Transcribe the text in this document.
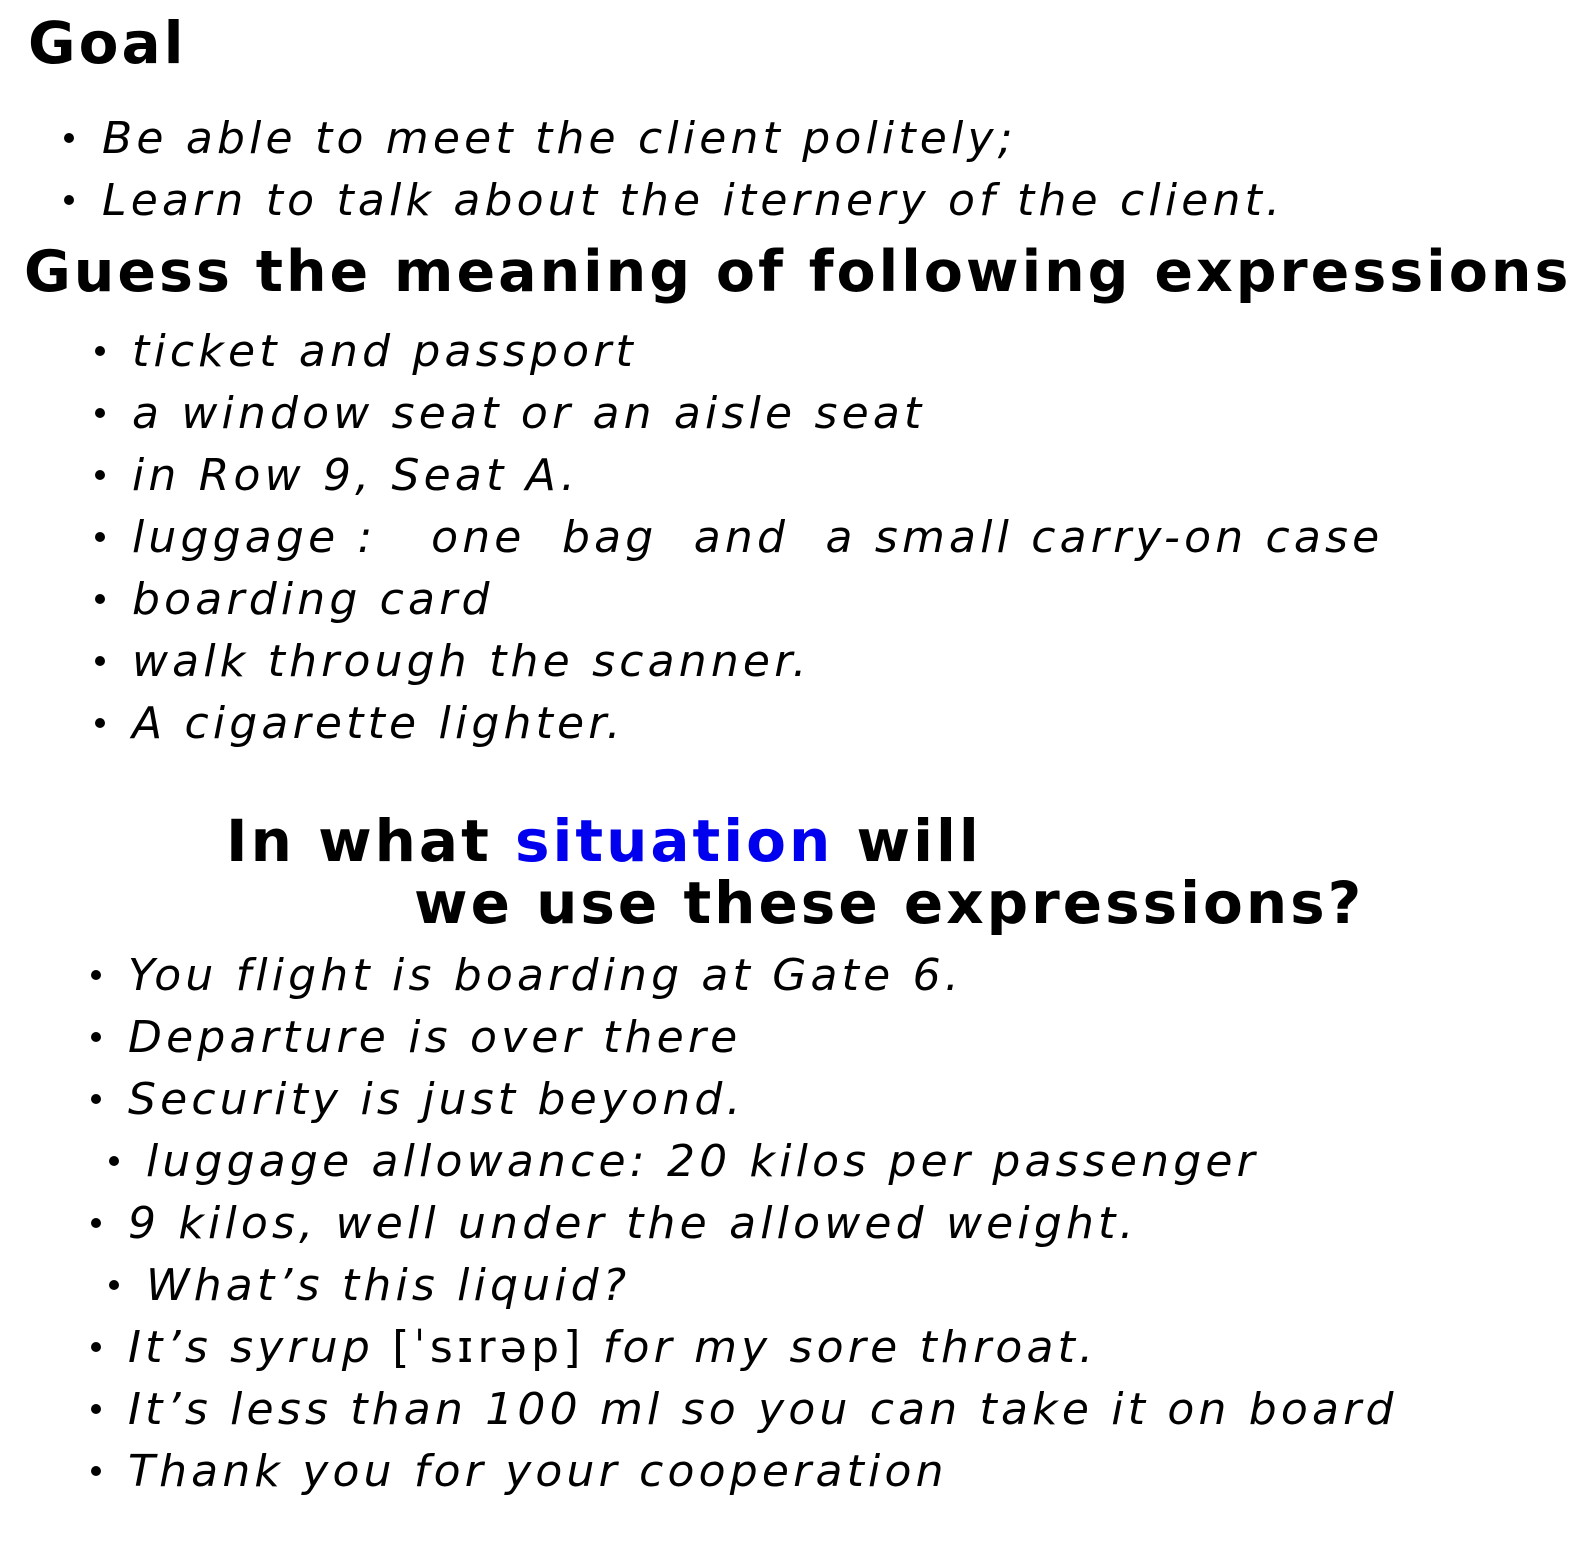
Goal

Be able to meet the client politely;

Learn to talk about the iternery of the client.

Guess the meaning of following expressions

ticket and passport

a window seat or an aisle seat

in Row 9, Seat A.

luggage :   one  bag  and  a small carry-on case

boarding card

walk through the scanner.

A cigarette lighter.

In what situation will
we use these expressions?

You flight is boarding at Gate 6.

Departure is over there

Security is just beyond.

luggage allowance: 20 kilos per passenger

9 kilos, well under the allowed weight.

What’s this liquid?

It’s syrup [ˈsɪrəp] for my sore throat.

It’s less than 100 ml so you can take it on board

Thank you for your cooperation
